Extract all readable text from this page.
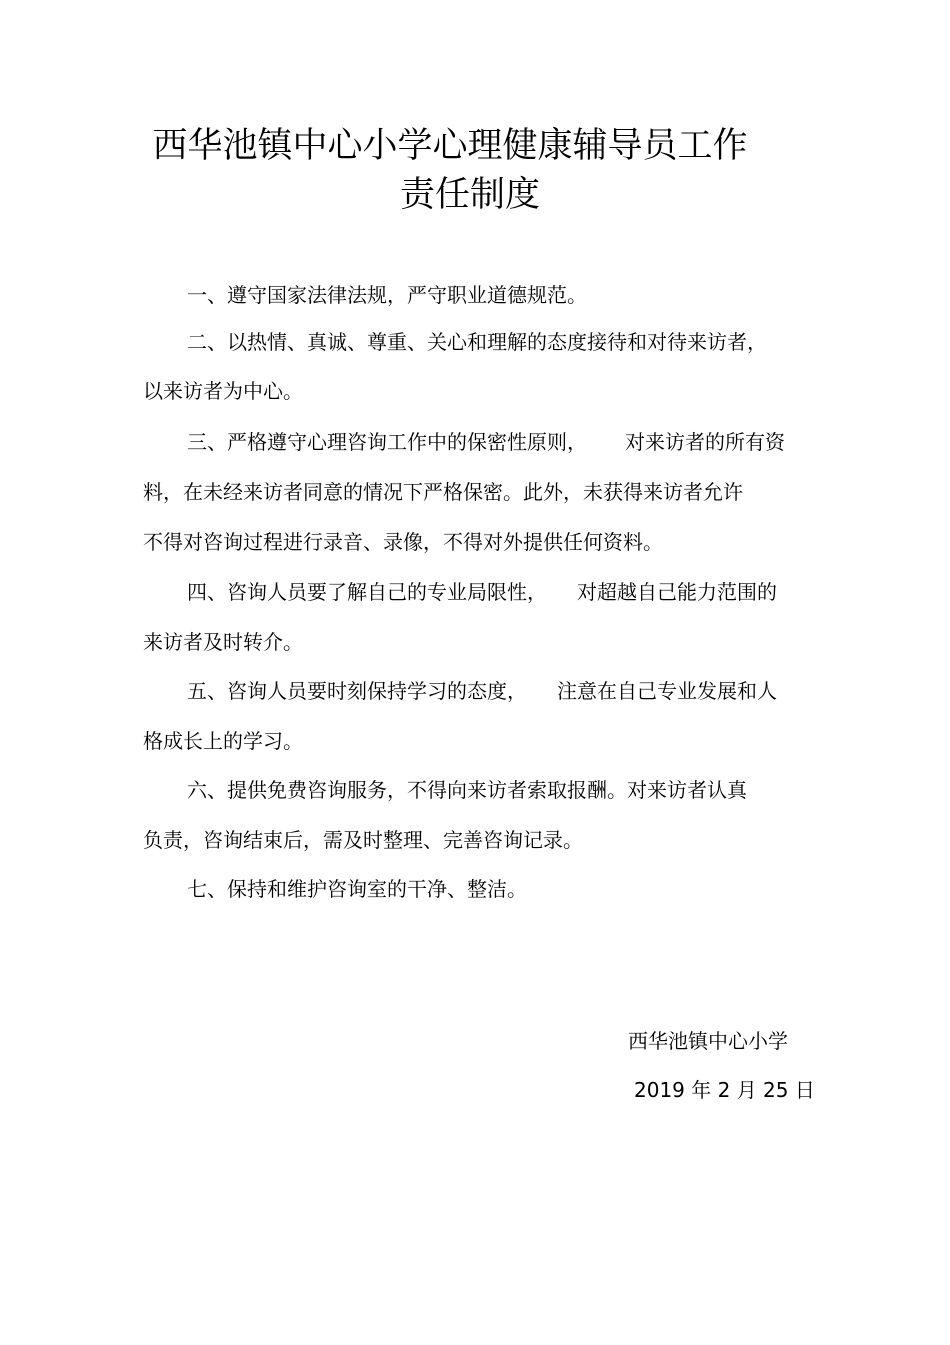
西华池镇中心小学心理健康辅导员工作
责任制度

一、遵守国家法律法规，严守职业道德规范。

二、以热情、真诚、尊重、关心和理解的态度接待和对待来访者，

以来访者为中心。

三、严格遵守心理咨询工作中的保密性原则， 对来访者的所有资

料，在未经来访者同意的情况下严格保密。此外，未获得来访者允许

不得对咨询过程进行录音、录像，不得对外提供任何资料。

四、咨询人员要了解自己的专业局限性， 对超越自己能力范围的

来访者及时转介。

五、咨询人员要时刻保持学习的态度， 注意在自己专业发展和人

格成长上的学习。

六、提供免费咨询服务，不得向来访者索取报酬。对来访者认真

负责，咨询结束后，需及时整理、完善咨询记录。

七、保持和维护咨询室的干净、整洁。

西华池镇中心小学
2019 年 2 月 25 日
